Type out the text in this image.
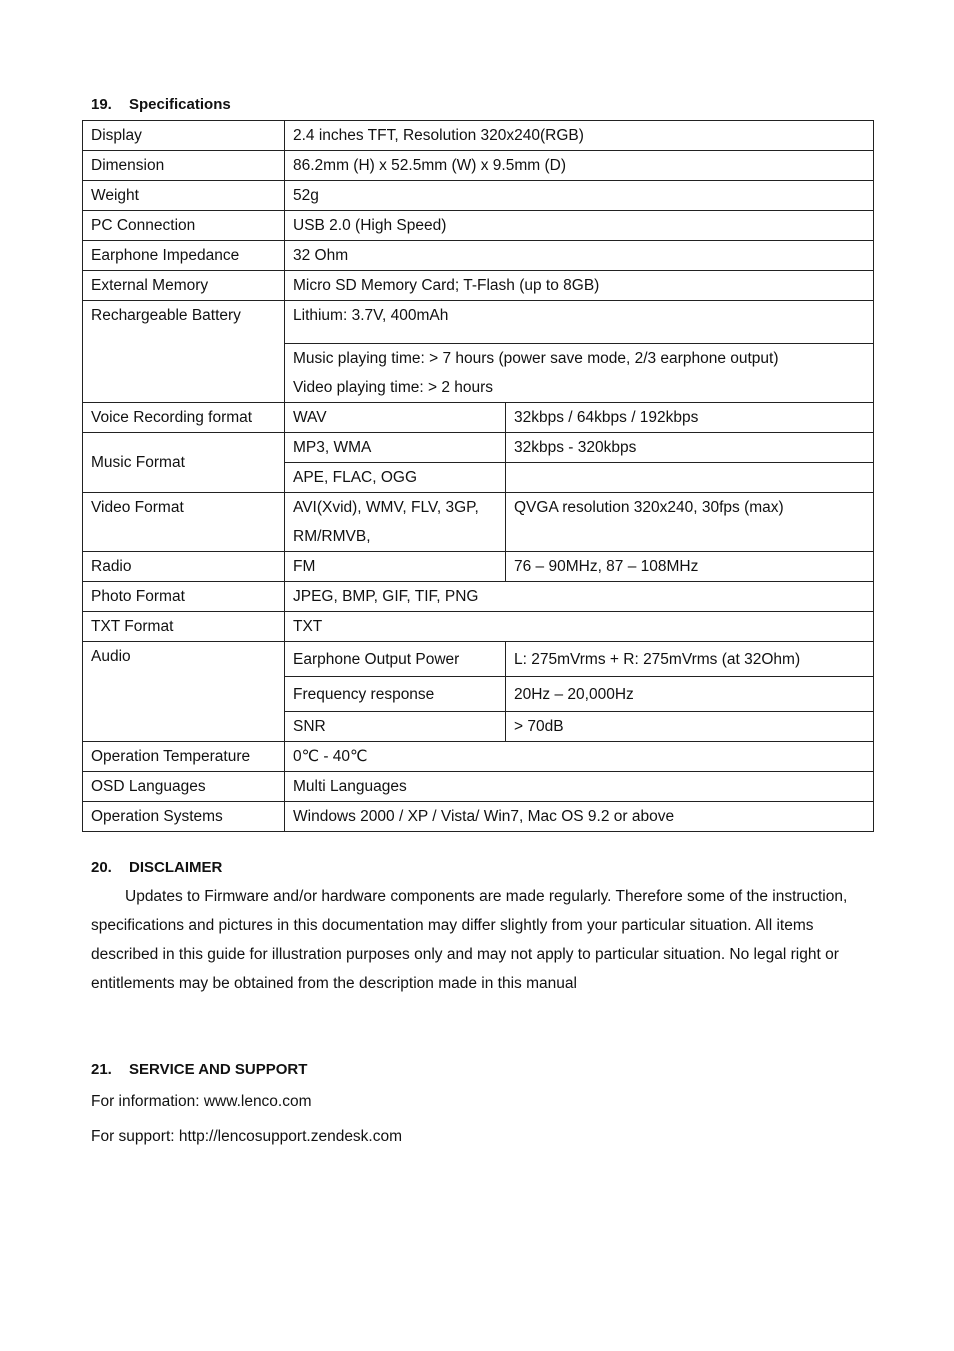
19. Specifications
Display	2.4 inches TFT, Resolution 320x240(RGB)	
Dimension	86.2mm (H) x 52.5mm (W) x 9.5mm (D)	
Weight	52g	
PC Connection	USB 2.0 (High Speed)	
Earphone Impedance	32 Ohm	
External Memory	Micro SD Memory Card; T-Flash (up to 8GB)	
Rechargeable Battery	Lithium: 3.7V, 400mAh	

	Music playing time: > 7 hours (power save mode, 2/3 earphone output)
Video playing time: > 2 hours	

Voice Recording format	WAV	32kbps / 64kbps / 192kbps
Music Format	MP3, WMA	32kbps - 320kbps
	APE, FLAC, OGG	
Video Format	AVI(Xvid), WMV, FLV, 3GP, RM/RMVB,	QVGA resolution 320x240, 30fps (max)
Radio	FM	76 – 90MHz, 87 – 108MHz
Photo Format	JPEG, BMP, GIF, TIF, PNG	
TXT Format	TXT	
Audio	Earphone Output Power	L: 275mVrms + R: 275mVrms (at 32Ohm)
	Frequency response	20Hz – 20,000Hz
	SNR	> 70dB
Operation Temperature	0℃ - 40℃	
OSD Languages	Multi Languages	
Operation Systems	Windows 2000 / XP / Vista/ Win7, Mac OS 9.2 or above	
20. DISCLAIMER
Updates to Firmware and/or hardware components are made regularly. Therefore some of the instruction, specifications and pictures in this documentation may differ slightly from your particular situation. All items described in this guide for illustration purposes only and may not apply to particular situation. No legal right or entitlements may be obtained from the description made in this manual
21. SERVICE AND SUPPORT
For information: www.lenco.com
For support: http://lencosupport.zendesk.com
